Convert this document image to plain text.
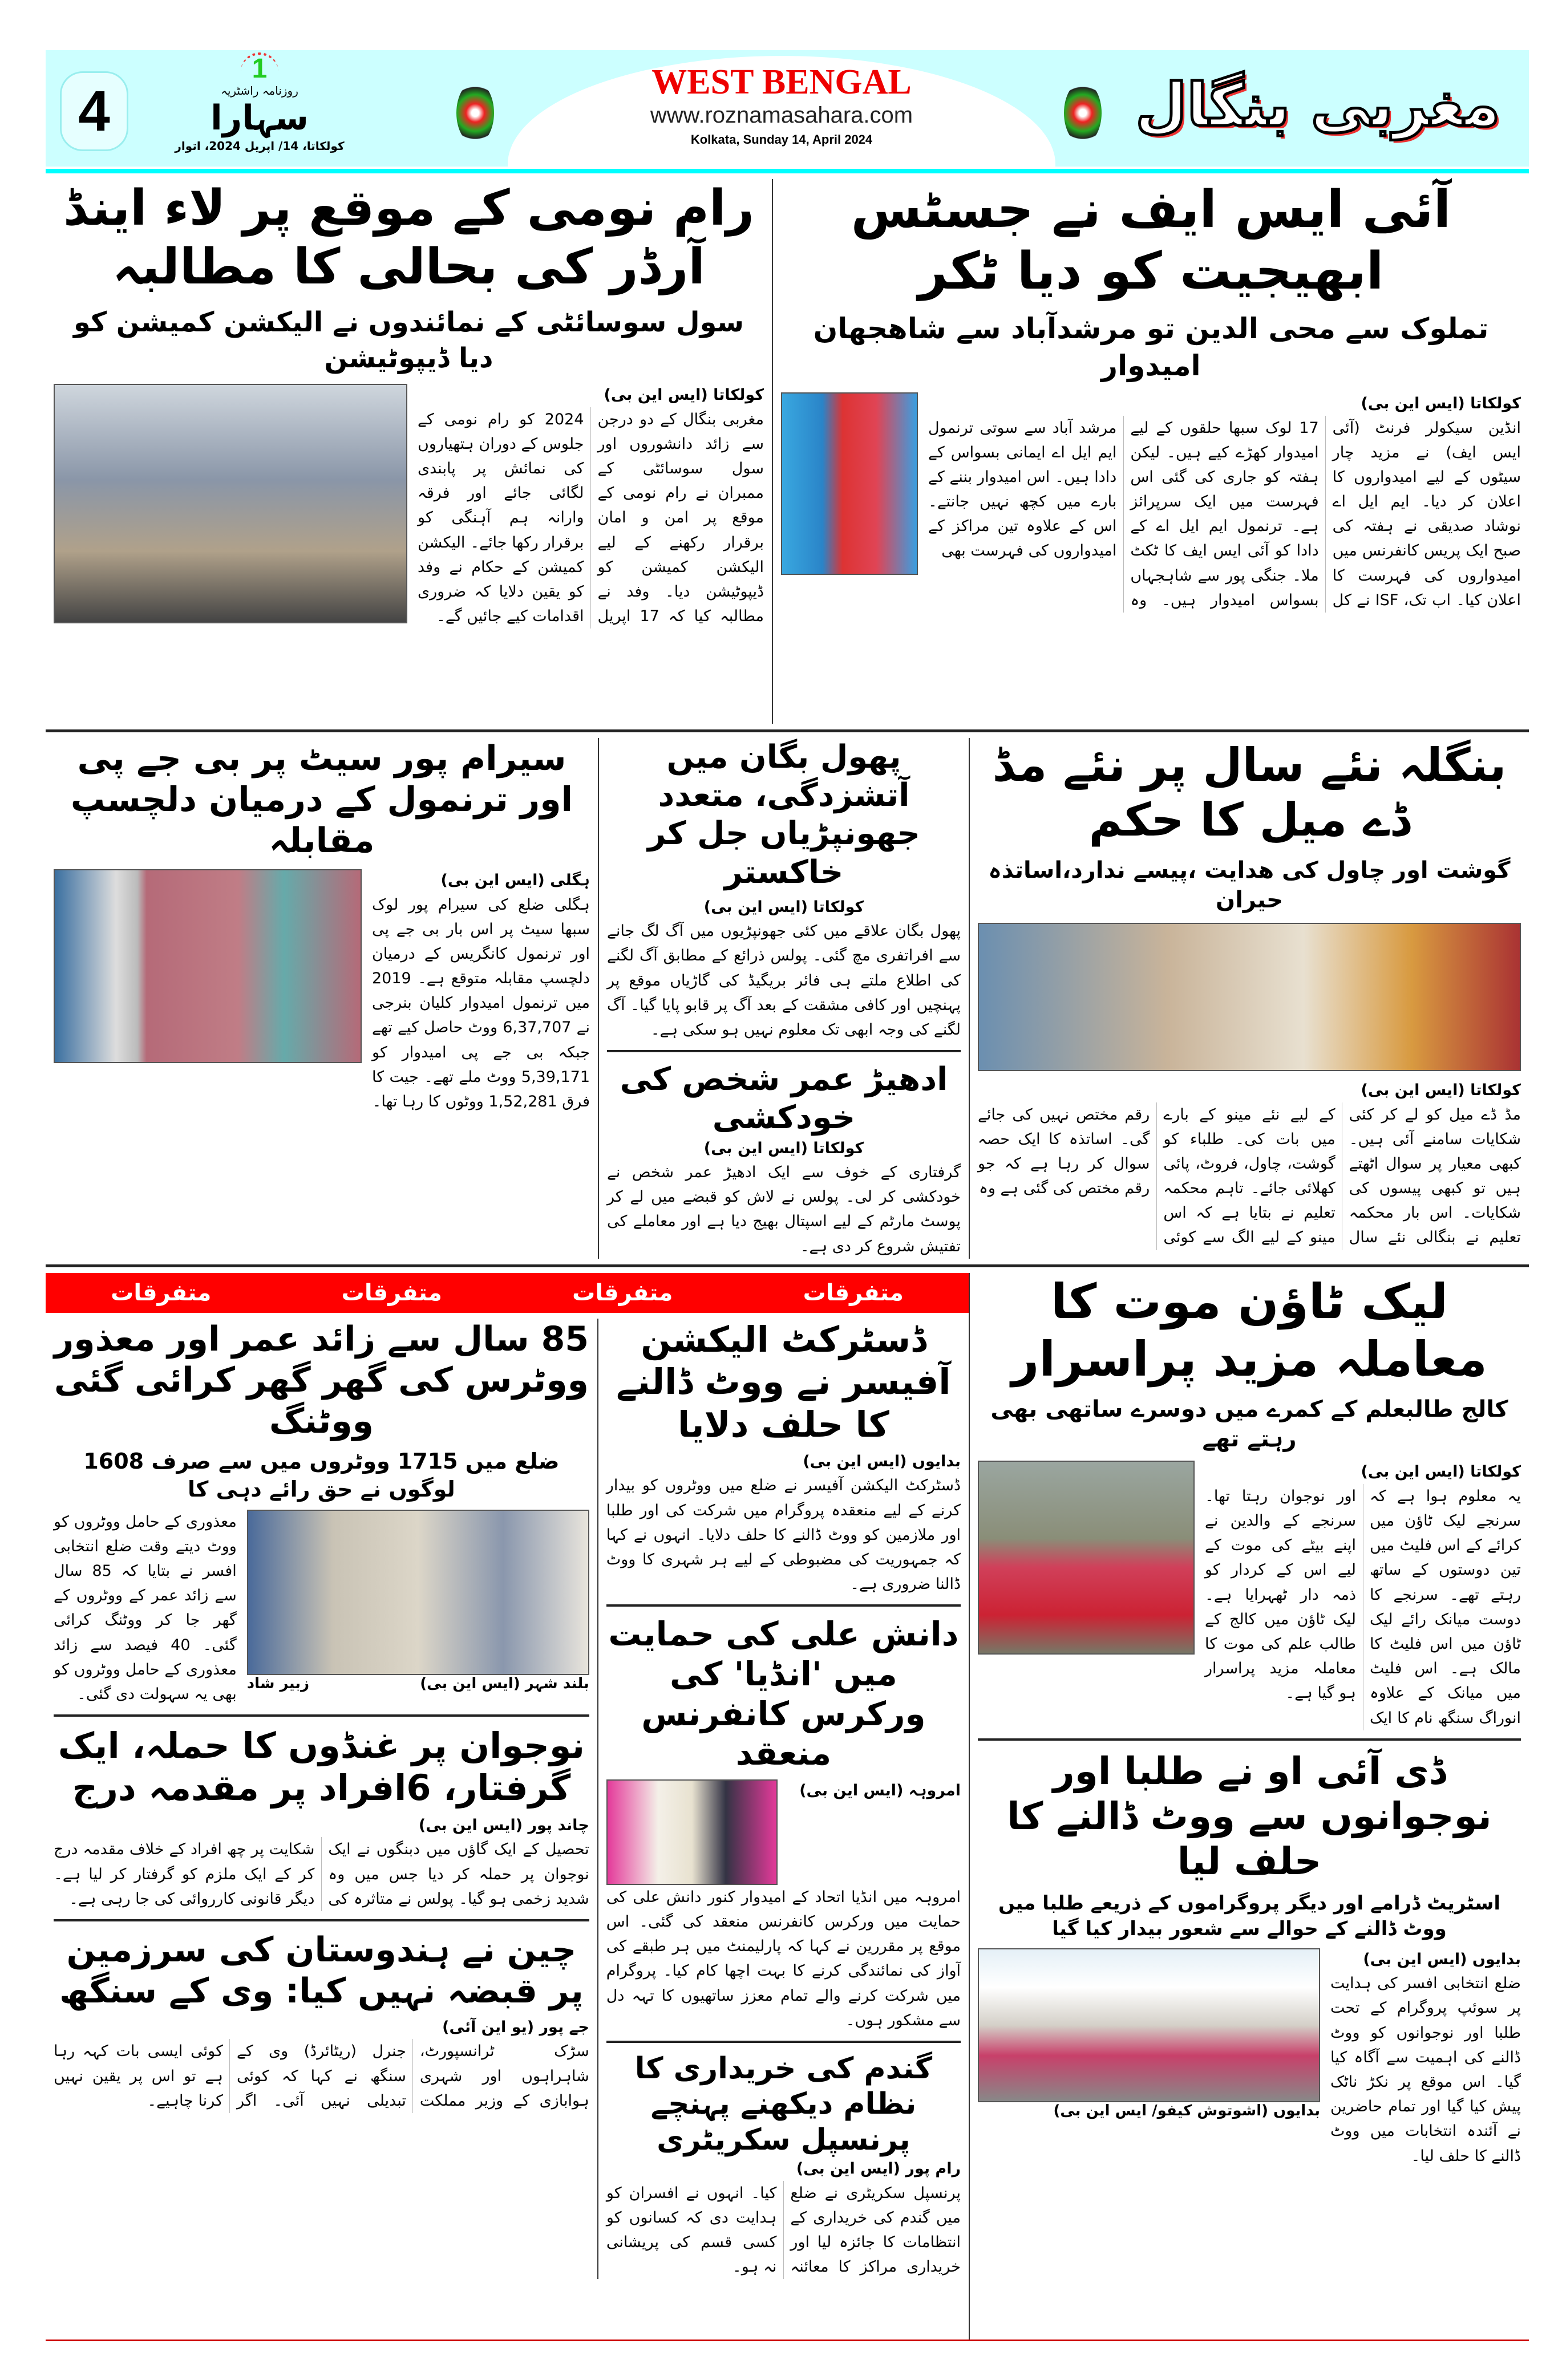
4
1
روزنامہ راشٹریہ
سہارا
کولکاتا، 14/ اپریل 2024، اتوار
WEST BENGAL
www.roznamasahara.com
Kolkata, Sunday 14, April 2024	مغربی بنگال
آئی ایس ایف نے جسٹس ابھیجیت کو دیا ٹکر
تملوک سے محی الدین تو مرشدآباد سے شاھجھان امیدوار
کولکاتا (ایس این بی)
انڈین سیکولر فرنٹ (آئی ایس ایف) نے مزید چار سیٹوں کے لیے امیدواروں کا اعلان کر دیا۔ ایم ایل اے نوشاد صدیقی نے ہفتہ کی صبح ایک پریس کانفرنس میں امیدواروں کی فہرست کا اعلان کیا۔ اب تک، ISF نے کل 17 لوک سبھا حلقوں کے لیے امیدوار کھڑے کیے ہیں۔ لیکن ہفتہ کو جاری کی گئی اس فہرست میں ایک سرپرائز ہے۔ ترنمول ایم ایل اے کے دادا کو آئی ایس ایف کا ٹکٹ ملا۔ جنگی پور سے شاہجہاں بسواس امیدوار ہیں۔ وہ مرشد آباد سے سوتی ترنمول ایم ایل اے ایمانی بسواس کے دادا ہیں۔ اس امیدوار بننے کے بارے میں کچھ نہیں جانتے۔ اس کے علاوہ تین مراکز کے امیدواروں کی فہرست بھی
رام نومی کے موقع پر لاء اینڈ آرڈر کی بحالی کا مطالبہ
سول سوسائٹی کے نمائندوں نے الیکشن کمیشن کو دیا ڈیپوٹیشن
کولکاتا (ایس این بی)
مغربی بنگال کے دو درجن سے زائد دانشوروں اور سول سوسائٹی کے ممبران نے رام نومی کے موقع پر امن و امان برقرار رکھنے کے لیے الیکشن کمیشن کو ڈیپوٹیشن دیا۔ وفد نے مطالبہ کیا کہ 17 اپریل 2024 کو رام نومی کے جلوس کے دوران ہتھیاروں کی نمائش پر پابندی لگائی جائے اور فرقہ وارانہ ہم آہنگی کو برقرار رکھا جائے۔ الیکشن کمیشن کے حکام نے وفد کو یقین دلایا کہ ضروری اقدامات کیے جائیں گے۔
بنگلہ نئے سال پر نئے مڈ ڈے میل کا حکم
گوشت اور چاول کی ھدایت ،پیسے ندارد،اساتذہ حیران
کولکاتا (ایس این بی)
مڈ ڈے میل کو لے کر کئی شکایات سامنے آئی ہیں۔ کبھی معیار پر سوال اٹھتے ہیں تو کبھی پیسوں کی شکایات۔ اس بار محکمہ تعلیم نے بنگالی نئے سال کے لیے نئے مینو کے بارے میں بات کی۔ طلباء کو گوشت، چاول، فروٹ، پائی کھلائی جائے۔ تاہم محکمہ تعلیم نے بتایا ہے کہ اس مینو کے لیے الگ سے کوئی رقم مختص نہیں کی جائے گی۔ اساتذہ کا ایک حصہ سوال کر رہا ہے کہ جو رقم مختص کی گئی ہے وہ
پھول بگان میں آتشزدگی، متعدد جھونپڑیاں جل کر خاکستر
کولکاتا (ایس این بی)
پھول بگان علاقے میں کئی جھونپڑیوں میں آگ لگ جانے سے افراتفری مچ گئی۔ پولس ذرائع کے مطابق آگ لگنے کی اطلاع ملتے ہی فائر بریگیڈ کی گاڑیاں موقع پر پہنچیں اور کافی مشقت کے بعد آگ پر قابو پایا گیا۔ آگ لگنے کی وجہ ابھی تک معلوم نہیں ہو سکی ہے۔
ادھیڑ عمر شخص کی خودکشی
کولکاتا (ایس این بی)
گرفتاری کے خوف سے ایک ادھیڑ عمر شخص نے خودکشی کر لی۔ پولس نے لاش کو قبضے میں لے کر پوسٹ مارٹم کے لیے اسپتال بھیج دیا ہے اور معاملے کی تفتیش شروع کر دی ہے۔
سیرام پور سیٹ پر بی جے پی اور ترنمول کے درمیان دلچسپ مقابلہ
ہگلی (ایس این بی)
ہگلی ضلع کی سیرام پور لوک سبھا سیٹ پر اس بار بی جے پی اور ترنمول کانگریس کے درمیان دلچسپ مقابلہ متوقع ہے۔ 2019 میں ترنمول امیدوار کلیان بنرجی نے 6,37,707 ووٹ حاصل کیے تھے جبکہ بی جے پی امیدوار کو 5,39,171 ووٹ ملے تھے۔ جیت کا فرق 1,52,281 ووٹوں کا رہا تھا۔
لیک ٹاؤن موت کا معاملہ مزید پراسرار
کالج طالبعلم کے کمرے میں دوسرے ساتھی بھی رہتے تھے
کولکاتا (ایس این بی)
یہ معلوم ہوا ہے کہ سرنجے لیک ٹاؤن میں کرائے کے اس فلیٹ میں تین دوستوں کے ساتھ رہتے تھے۔ سرنجے کا دوست میانک رائے لیک ٹاؤن میں اس فلیٹ کا مالک ہے۔ اس فلیٹ میں میانک کے علاوہ انوراگ سنگھ نام کا ایک اور نوجوان رہتا تھا۔ سرنجے کے والدین نے اپنے بیٹے کی موت کے لیے اس کے کردار کو ذمہ دار ٹھہرایا ہے۔ لیک ٹاؤن میں کالج کے طالب علم کی موت کا معاملہ مزید پراسرار ہو گیا ہے۔
ڈی آئی او نے طلبا اور نوجوانوں سے ووٹ ڈالنے کا حلف لیا
اسٹریٹ ڈرامے اور دیگر پروگراموں کے ذریعے طلبا میں ووٹ ڈالنے کے حوالے سے شعور بیدار کیا گیا
بدایوں (ایس این بی)
ضلع انتخابی افسر کی ہدایت پر سوئپ پروگرام کے تحت طلبا اور نوجوانوں کو ووٹ ڈالنے کی اہمیت سے آگاہ کیا گیا۔ اس موقع پر نکڑ ناٹک پیش کیا گیا اور تمام حاضرین نے آئندہ انتخابات میں ووٹ ڈالنے کا حلف لیا۔
بدایوں (اشوتوش کیفو/ ایس این بی)
متفرقات
متفرقات
متفرقات
متفرقات
ڈسٹرکٹ الیکشن آفیسر نے ووٹ ڈالنے کا حلف دلایا
بدایوں (ایس این بی)
ڈسٹرکٹ الیکشن آفیسر نے ضلع میں ووٹروں کو بیدار کرنے کے لیے منعقدہ پروگرام میں شرکت کی اور طلبا اور ملازمین کو ووٹ ڈالنے کا حلف دلایا۔ انہوں نے کہا کہ جمہوریت کی مضبوطی کے لیے ہر شہری کا ووٹ ڈالنا ضروری ہے۔
دانش علی کی حمایت میں 'انڈیا' کی ورکرس کانفرنس منعقد
امروہہ (ایس این بی)
امروہہ میں انڈیا اتحاد کے امیدوار کنور دانش علی کی حمایت میں ورکرس کانفرنس منعقد کی گئی۔ اس موقع پر مقررین نے کہا کہ پارلیمنٹ میں ہر طبقے کی آواز کی نمائندگی کرنے کا بہت اچھا کام کیا۔ پروگرام میں شرکت کرنے والے تمام معزز ساتھیوں کا تہہ دل سے مشکور ہوں۔
گندم کی خریداری کا نظام دیکھنے پہنچے پرنسپل سکریٹری
رام پور (ایس این بی)
پرنسپل سکریٹری نے ضلع میں گندم کی خریداری کے انتظامات کا جائزہ لیا اور خریداری مراکز کا معائنہ کیا۔ انہوں نے افسران کو ہدایت دی کہ کسانوں کو کسی قسم کی پریشانی نہ ہو۔
85 سال سے زائد عمر اور معذور ووٹرس کی گھر گھر کرائی گئی ووٹنگ
ضلع میں 1715 ووٹروں میں سے صرف 1608 لوگوں نے حق رائے دہی کا
بلند شہر (ایس این بی)
زبیر شاد
معذوری کے حامل ووٹروں کو ووٹ دیتے وقت ضلع انتخابی افسر نے بتایا کہ 85 سال سے زائد عمر کے ووٹروں کے گھر جا کر ووٹنگ کرائی گئی۔ 40 فیصد سے زائد معذوری کے حامل ووٹروں کو بھی یہ سہولت دی گئی۔
نوجوان پر غنڈوں کا حملہ، ایک گرفتار، 6افراد پر مقدمہ درج
چاند پور (ایس این بی)
تحصیل کے ایک گاؤں میں دبنگوں نے ایک نوجوان پر حملہ کر دیا جس میں وہ شدید زخمی ہو گیا۔ پولس نے متاثرہ کی شکایت پر چھ افراد کے خلاف مقدمہ درج کر کے ایک ملزم کو گرفتار کر لیا ہے۔ دیگر قانونی کارروائی کی جا رہی ہے۔
چین نے ہندوستان کی سرزمین پر قبضہ نہیں کیا: وی کے سنگھ
جے پور (یو این آئی)
سڑک ٹرانسپورٹ، شاہراہوں اور شہری ہوابازی کے وزیر مملکت جنرل (ریٹائرڈ) وی کے سنگھ نے کہا کہ کوئی تبدیلی نہیں آئی۔ اگر کوئی ایسی بات کہہ رہا ہے تو اس پر یقین نہیں کرنا چاہیے۔
